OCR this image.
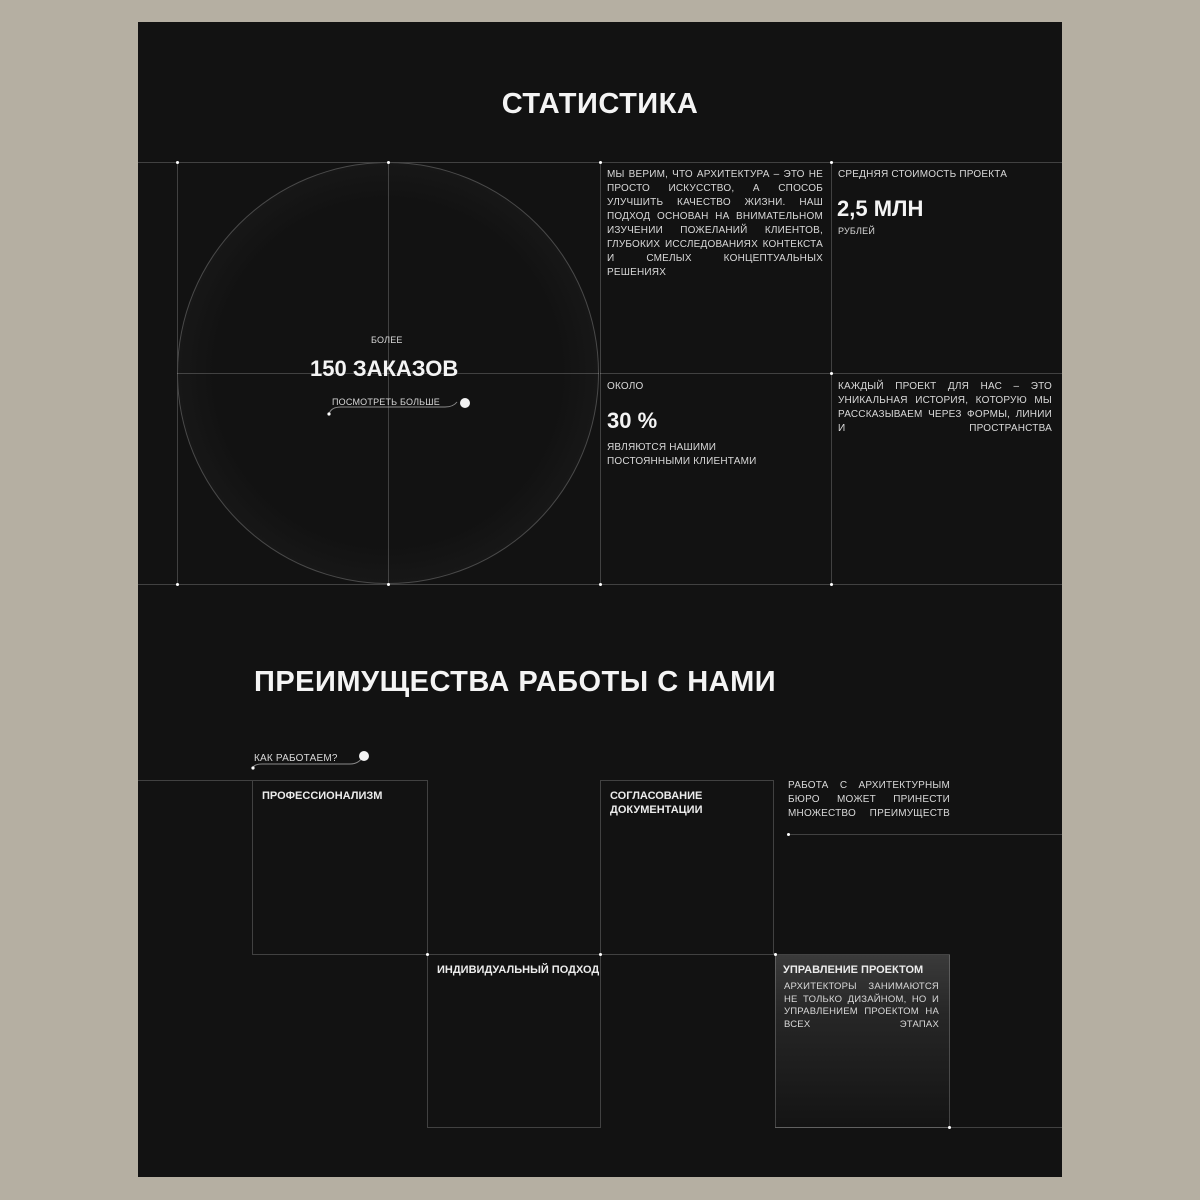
СТАТИСТИКА
БОЛЕЕ
150 ЗАКАЗОВ
ПОСМОТРЕТЬ БОЛЬШЕ
МЫ ВЕРИМ, ЧТО АРХИТЕКТУРА – ЭТО НЕ ПРОСТО ИСКУССТВО, А СПОСОБ УЛУЧШИТЬ КАЧЕСТВО ЖИЗНИ. НАШ ПОДХОД ОСНОВАН НА ВНИМАТЕЛЬНОМ ИЗУЧЕНИИ ПОЖЕЛАНИЙ КЛИЕНТОВ, ГЛУБОКИХ ИССЛЕДОВАНИЯХ КОНТЕКСТА И СМЕЛЫХ КОНЦЕПТУАЛЬНЫХ РЕШЕНИЯХ
СРЕДНЯЯ СТОИМОСТЬ ПРОЕКТА
2,5 МЛН
РУБЛЕЙ
ОКОЛО
30 %
ЯВЛЯЮТСЯ НАШИМИ ПОСТОЯННЫМИ КЛИЕНТАМИ
КАЖДЫЙ ПРОЕКТ ДЛЯ НАС – ЭТО УНИКАЛЬНАЯ ИСТОРИЯ, КОТОРУЮ МЫ РАССКАЗЫВАЕМ ЧЕРЕЗ ФОРМЫ, ЛИНИИ И ПРОСТРАНСТВА
ПРЕИМУЩЕСТВА РАБОТЫ С НАМИ
КАК РАБОТАЕМ?
ПРОФЕССИОНАЛИЗМ	СОГЛАСОВАНИЕ ДОКУМЕНТАЦИИ
ИНДИВИДУАЛЬНЫЙ ПОДХОД	УПРАВЛЕНИЕ ПРОЕКТОМ
АРХИТЕКТОРЫ ЗАНИМАЮТСЯ НЕ ТОЛЬКО ДИЗАЙНОМ, НО И УПРАВЛЕНИЕМ ПРОЕКТОМ НА ВСЕХ ЭТАПАХ
РАБОТА С АРХИТЕКТУРНЫМ БЮРО МОЖЕТ ПРИНЕСТИ МНОЖЕСТВО ПРЕИМУЩЕСТВ
